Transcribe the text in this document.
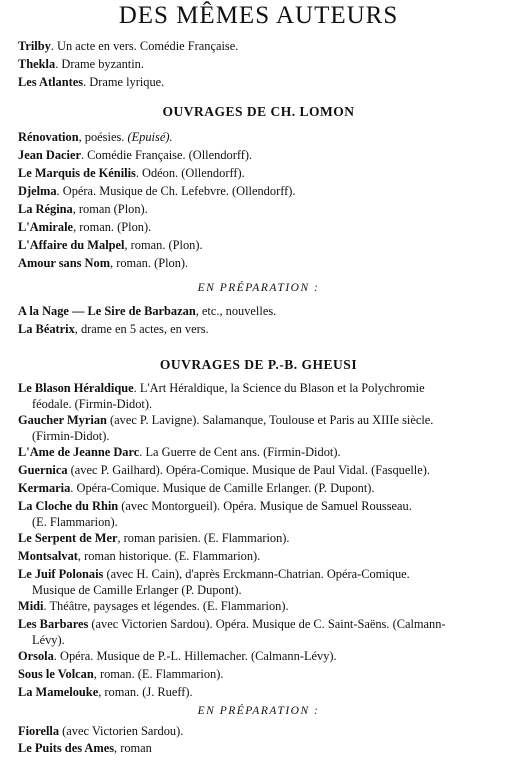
DES MÊMES AUTEURS
Trilby. Un acte en vers. Comédie Française.
Thekla. Drame byzantin.
Les Atlantes. Drame lyrique.
OUVRAGES DE CH. LOMON
Rénovation, poésies. (Epuisé).
Jean Dacier. Comédie Française. (Ollendorff).
Le Marquis de Kénilis. Odéon. (Ollendorff).
Djelma. Opéra. Musique de Ch. Lefebvre. (Ollendorff).
La Régina, roman (Plon).
L'Amirale, roman. (Plon).
L'Affaire du Malpel, roman. (Plon).
Amour sans Nom, roman. (Plon).
EN PRÉPARATION :
A la Nage — Le Sire de Barbazan, etc., nouvelles.
La Béatrix, drame en 5 actes, en vers.
OUVRAGES DE P.-B. GHEUSI
Le Blason Héraldique. L'Art Héraldique, la Science du Blason et la Polychromie
féodale. (Firmin-Didot).
Gaucher Myrian (avec P. Lavigne). Salamanque, Toulouse et Paris au XIIIe siècle.
(Firmin-Didot).
L'Ame de Jeanne Darc. La Guerre de Cent ans. (Firmin-Didot).
Guernica (avec P. Gailhard). Opéra-Comique. Musique de Paul Vidal. (Fasquelle).
Kermaria. Opéra-Comique. Musique de Camille Erlanger. (P. Dupont).
La Cloche du Rhin (avec Montorgueil). Opéra. Musique de Samuel Rousseau.
(E. Flammarion).
Le Serpent de Mer, roman parisien. (E. Flammarion).
Montsalvat, roman historique. (E. Flammarion).
Le Juif Polonais (avec H. Cain), d'après Erckmann-Chatrian. Opéra-Comique.
Musique de Camille Erlanger (P. Dupont).
Midi. Théâtre, paysages et légendes. (E. Flammarion).
Les Barbares (avec Victorien Sardou). Opéra. Musique de C. Saint-Saëns. (Calmann-
Lévy).
Orsola. Opéra. Musique de P.-L. Hillemacher. (Calmann-Lévy).
Sous le Volcan, roman. (E. Flammarion).
La Mamelouke, roman. (J. Rueff).
EN PRÉPARATION :
Fiorella (avec Victorien Sardou).
Le Puits des Ames, roman
